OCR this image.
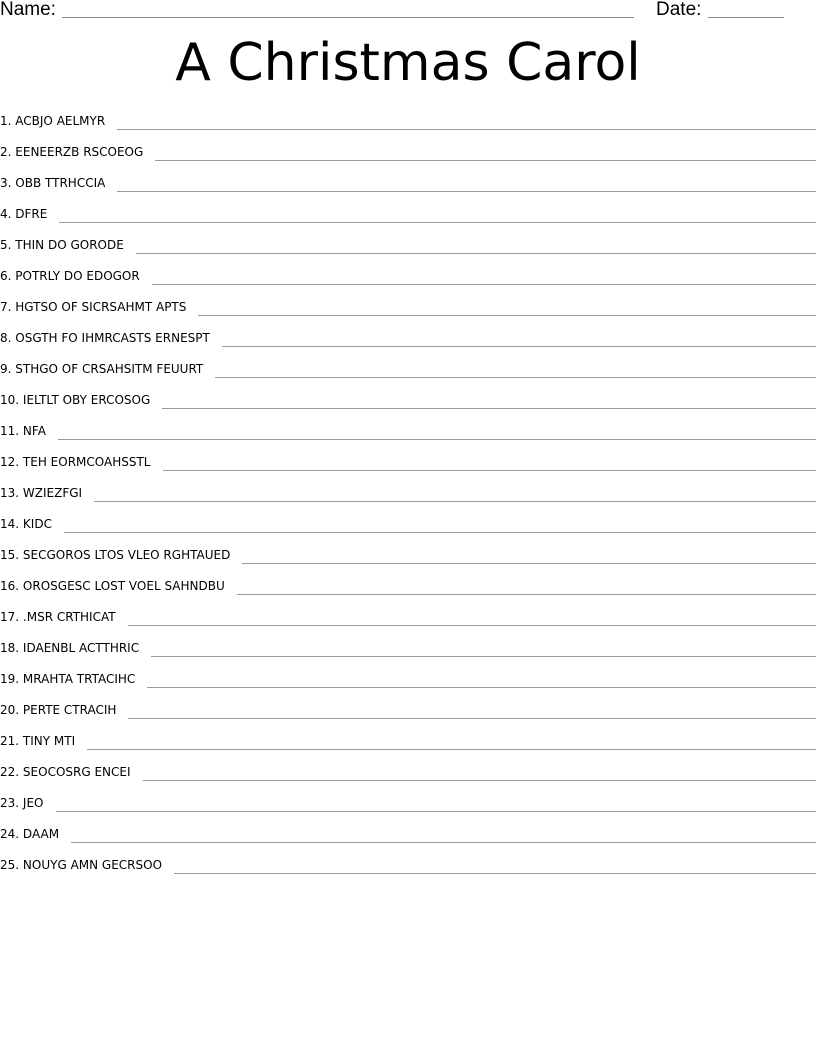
Name:	Date:
A Christmas Carol
1. ACBJO AELMYR
2. EENEERZB RSCOEOG
3. OBB TTRHCCIA
4. DFRE
5. THIN DO GORODE
6. POTRLY DO EDOGOR
7. HGTSO OF SICRSAHMT APTS
8. OSGTH FO IHMRCASTS ERNESPT
9. STHGO OF CRSAHSITM FEUURT
10. IELTLT OBY ERCOSOG
11. NFA
12. TEH EORMCOAHSSTL
13. WZIEZFGI
14. KIDC
15. SECGOROS LTOS VLEO RGHTAUED
16. OROSGESC LOST VOEL SAHNDBU
17. .MSR CRTHICAT
18. IDAENBL ACTTHRIC
19. MRAHTA TRTACIHC
20. PERTE CTRACIH
21. TINY MTI
22. SEOCOSRG ENCEI
23. JEO
24. DAAM
25. NOUYG AMN GECRSOO
